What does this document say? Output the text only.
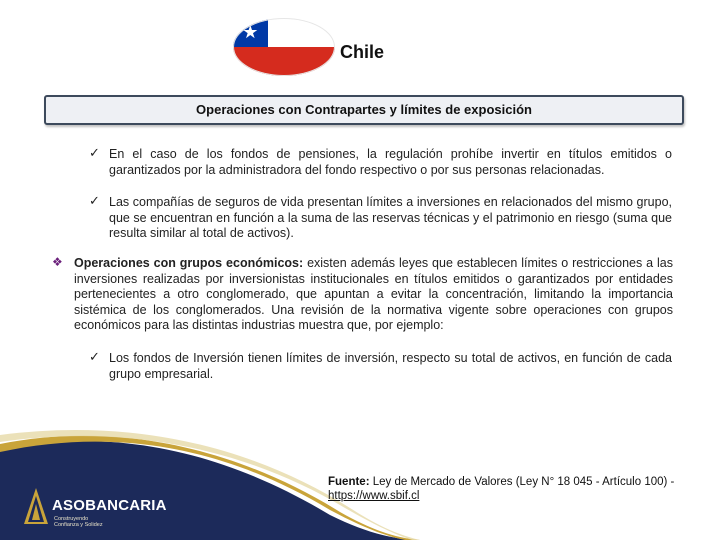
★
Chile
Operaciones con Contrapartes y límites de exposición
✓ En el caso de los fondos de pensiones, la regulación prohíbe invertir en títulos emitidos o garantizados por la administradora del fondo respectivo o por sus personas relacionadas.
✓ Las compañías de seguros de vida presentan límites a inversiones en relacionados del mismo grupo, que se encuentran en función a la suma de las reservas técnicas y el patrimonio en riesgo (suma que resulta similar al total de activos).
❖ Operaciones con grupos económicos: existen además leyes que establecen límites o restricciones a las inversiones realizadas por inversionistas institucionales en títulos emitidos o garantizados por entidades pertenecientes a otro conglomerado, que apuntan a evitar la concentración, limitando la importancia sistémica de los conglomerados. Una revisión de la normativa vigente sobre operaciones con grupos económicos para las distintas industrias muestra que, por ejemplo:
✓ Los fondos de Inversión tienen límites de inversión, respecto su total de activos, en función de cada grupo empresarial.
ASOBANCARIA
Construyendo
Confianza y Solidez
Fuente: Ley de Mercado de Valores (Ley N° 18 045 - Artículo 100) -
https://www.sbif.cl
